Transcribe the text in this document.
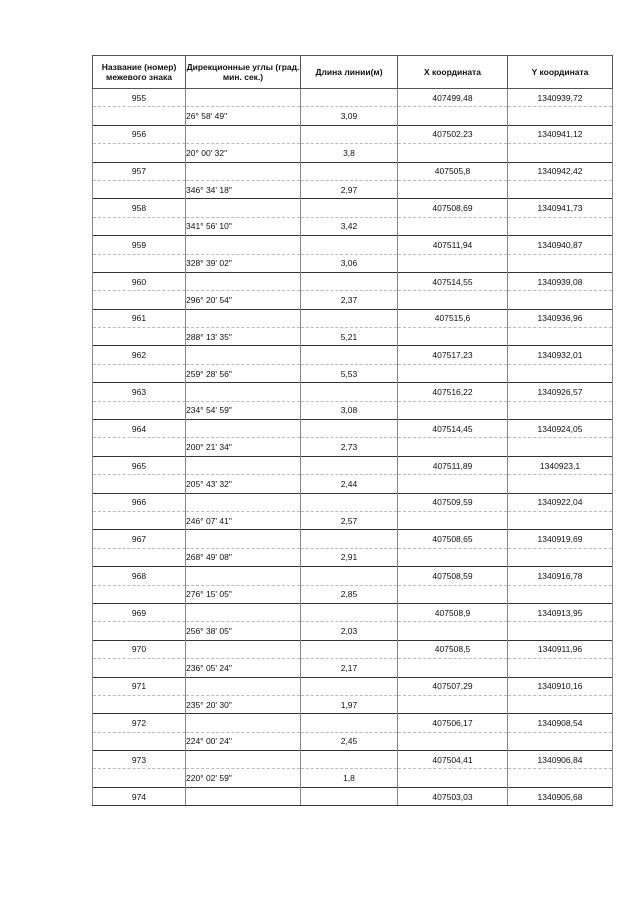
Название (номер) межевого знака	Дирекционные углы (град. мин. сек.)	Длина линии(м)	X координата	Y координата
955			407499,48	1340939,72
	26° 58' 49"	3,09		
956			407502,23	1340941,12
	20° 00' 32"	3,8		
957			407505,8	1340942,42
	346° 34' 18"	2,97		
958			407508,69	1340941,73
	341° 56' 10"	3,42		
959			407511,94	1340940,87
	328° 39' 02"	3,06		
960			407514,55	1340939,08
	296° 20' 54"	2,37		
961			407515,6	1340936,96
	288° 13' 35"	5,21		
962			407517,23	1340932,01
	259° 28' 56"	5,53		
963			407516,22	1340926,57
	234° 54' 59"	3,08		
964			407514,45	1340924,05
	200° 21' 34"	2,73		
965			407511,89	1340923,1
	205° 43' 32"	2,44		
966			407509,59	1340922,04
	246° 07' 41"	2,57		
967			407508,65	1340919,69
	268° 49' 08"	2,91		
968			407508,59	1340916,78
	276° 15' 05"	2,85		
969			407508,9	1340913,95
	256° 38' 05"	2,03		
970			407508,5	1340911,96
	236° 05' 24"	2,17		
971			407507,29	1340910,16
	235° 20' 30"	1,97		
972			407506,17	1340908,54
	224° 00' 24"	2,45		
973			407504,41	1340906,84
	220° 02' 59"	1,8		
974			407503,03	1340905,68
